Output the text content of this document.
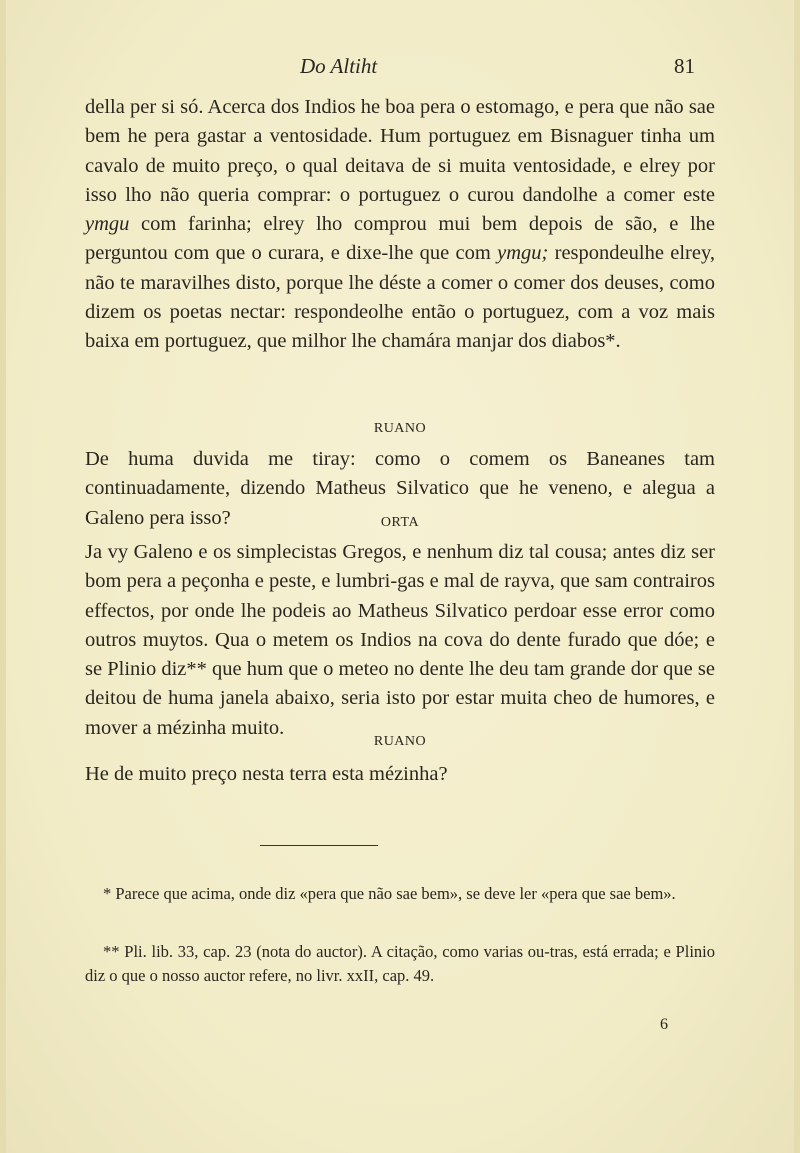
Do Altiht	81

della per si só. Acerca dos Indios he boa pera o estomago, e pera que não sae bem he pera gastar a ventosidade. Hum portuguez em Bisnaguer tinha um cavalo de muito preço, o qual deitava de si muita ventosidade, e elrey por isso lho não queria comprar: o portuguez o curou dandolhe a comer este ymgu com farinha; elrey lho comprou mui bem depois de são, e lhe perguntou com que o curara, e dixe-lhe que com ymgu; respondeulhe elrey, não te maravilhes disto, porque lhe déste a comer o comer dos deuses, como dizem os poetas nectar: respondeolhe então o portuguez, com a voz mais baixa em portuguez, que milhor lhe chamára manjar dos diabos*.

RUANO

De huma duvida me tiray: como o comem os Baneanes tam continuadamente, dizendo Matheus Silvatico que he veneno, e alegua a Galeno pera isso?	ORTA

Ja vy Galeno e os simplecistas Gregos, e nenhum diz tal cousa; antes diz ser bom pera a peçonha e peste, e lumbri-gas e mal de rayva, que sam contrairos effectos, por onde lhe podeis ao Matheus Silvatico perdoar esse error como outros muytos. Qua o metem os Indios na cova do dente furado que dóe; e se Plinio diz** que hum que o meteo no dente lhe deu tam grande dor que se deitou de huma janela abaixo, seria isto por estar muita cheo de humores, e mover a mézinha muito.

RUANO

He de muito preço nesta terra esta mézinha?

* Parece que acima, onde diz «pera que não sae bem», se deve ler «pera que sae bem».

** Pli. lib. 33, cap. 23 (nota do auctor). A citação, como varias ou-tras, está errada; e Plinio diz o que o nosso auctor refere, no livr. xxII, cap. 49.

6
